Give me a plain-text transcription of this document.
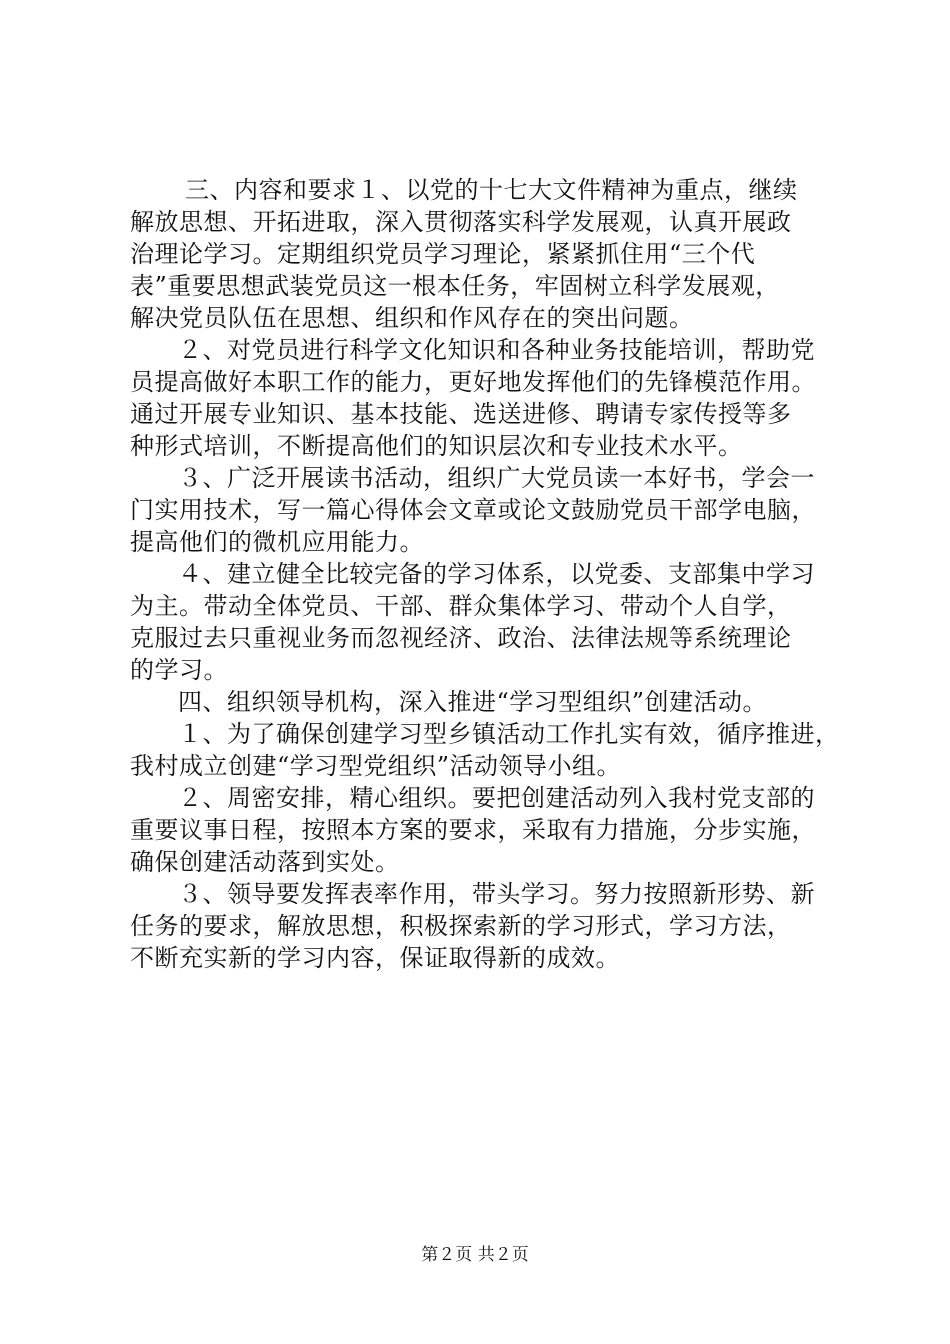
三、内容和要求１、以党的十七大文件精神为重点，继续
解放思想、开拓进取，深入贯彻落实科学发展观，认真开展政
治理论学习。定期组织党员学习理论，紧紧抓住用“三个代
表”重要思想武装党员这一根本任务，牢固树立科学发展观，
解决党员队伍在思想、组织和作风存在的突出问题。
２、对党员进行科学文化知识和各种业务技能培训，帮助党
员提高做好本职工作的能力，更好地发挥他们的先锋模范作用。
通过开展专业知识、基本技能、选送进修、聘请专家传授等多
种形式培训，不断提高他们的知识层次和专业技术水平。
３、广泛开展读书活动，组织广大党员读一本好书，学会一
门实用技术，写一篇心得体会文章或论文鼓励党员干部学电脑，
提高他们的微机应用能力。
４、建立健全比较完备的学习体系，以党委、支部集中学习
为主。带动全体党员、干部、群众集体学习、带动个人自学，
克服过去只重视业务而忽视经济、政治、法律法规等系统理论
的学习。
四、组织领导机构，深入推进“学习型组织”创建活动。
１、为了确保创建学习型乡镇活动工作扎实有效，循序推进，
我村成立创建“学习型党组织”活动领导小组。
２、周密安排，精心组织。要把创建活动列入我村党支部的
重要议事日程，按照本方案的要求，采取有力措施，分步实施，
确保创建活动落到实处。
３、领导要发挥表率作用，带头学习。努力按照新形势、新
任务的要求，解放思想，积极探索新的学习形式，学习方法，
不断充实新的学习内容，保证取得新的成效。
第２页 共２页
